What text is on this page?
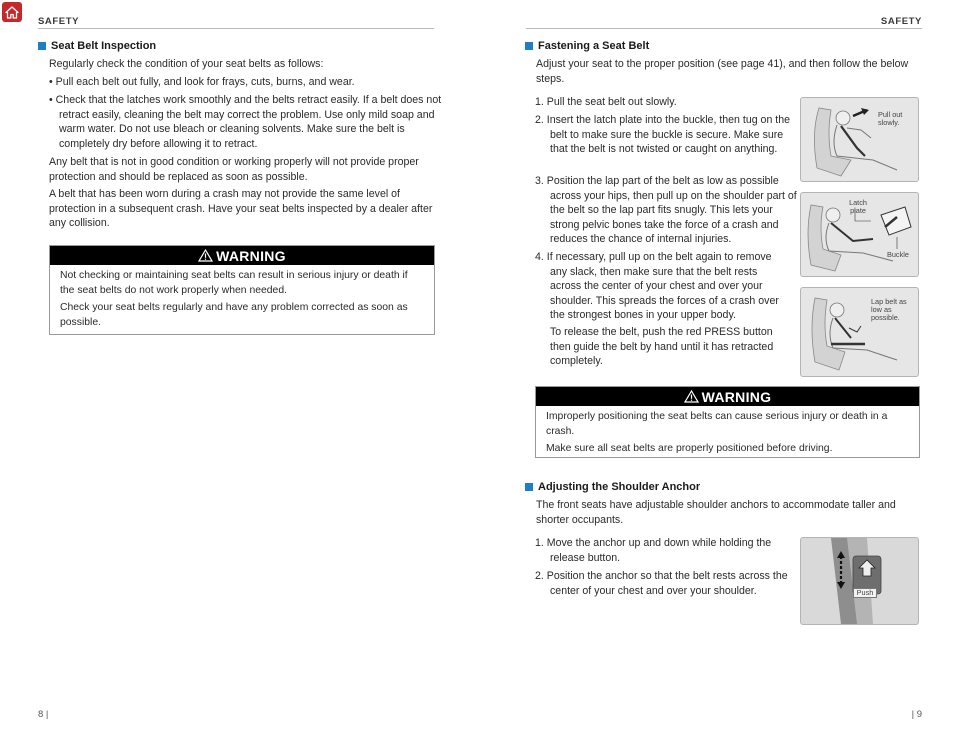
SAFETY	SAFETY
Seat Belt Inspection
Regularly check the condition of your seat belts as follows:
• Pull each belt out fully, and look for frays, cuts, burns, and wear.
• Check that the latches work smoothly and the belts retract easily. If a belt does not retract easily, cleaning the belt may correct the problem. Use only mild soap and warm water. Do not use bleach or cleaning solvents. Make sure the belt is completely dry before allowing it to retract.
Any belt that is not in good condition or working properly will not provide proper protection and should be replaced as soon as possible.
A belt that has been worn during a crash may not provide the same level of protection in a subsequent crash. Have your seat belts inspected by a dealer after any collision.
WARNING
Not checking or maintaining seat belts can result in serious injury or death if the seat belts do not work properly when needed.
Check your seat belts regularly and have any problem corrected as soon as possible.
8 |
Fastening a Seat Belt
Adjust your seat to the proper position (see page 41), and then follow the below steps.
1. Pull the seat belt out slowly.
2. Insert the latch plate into the buckle, then tug on the belt to make sure the buckle is secure. Make sure that the belt is not twisted or caught on anything.
3. Position the lap part of the belt as low as possible across your hips, then pull up on the shoulder part of the belt so the lap part fits snugly. This lets your strong pelvic bones take the force of a crash and reduces the chance of internal injuries.
4. If necessary, pull up on the belt again to remove any slack, then make sure that the belt rests across the center of your chest and over your shoulder. This spreads the forces of a crash over the strongest bones in your upper body.
To release the belt, push the red PRESS button then guide the belt by hand until it has retracted completely.
Pull out slowly.
Latch plate
Buckle
Lap belt as low as possible.
WARNING
Improperly positioning the seat belts can cause serious injury or death in a crash.
Make sure all seat belts are properly positioned before driving.
Adjusting the Shoulder Anchor
The front seats have adjustable shoulder anchors to accommodate taller and shorter occupants.
1. Move the anchor up and down while holding the release button.
2. Position the anchor so that the belt rests across the center of your chest and over your shoulder.	Push
| 9
